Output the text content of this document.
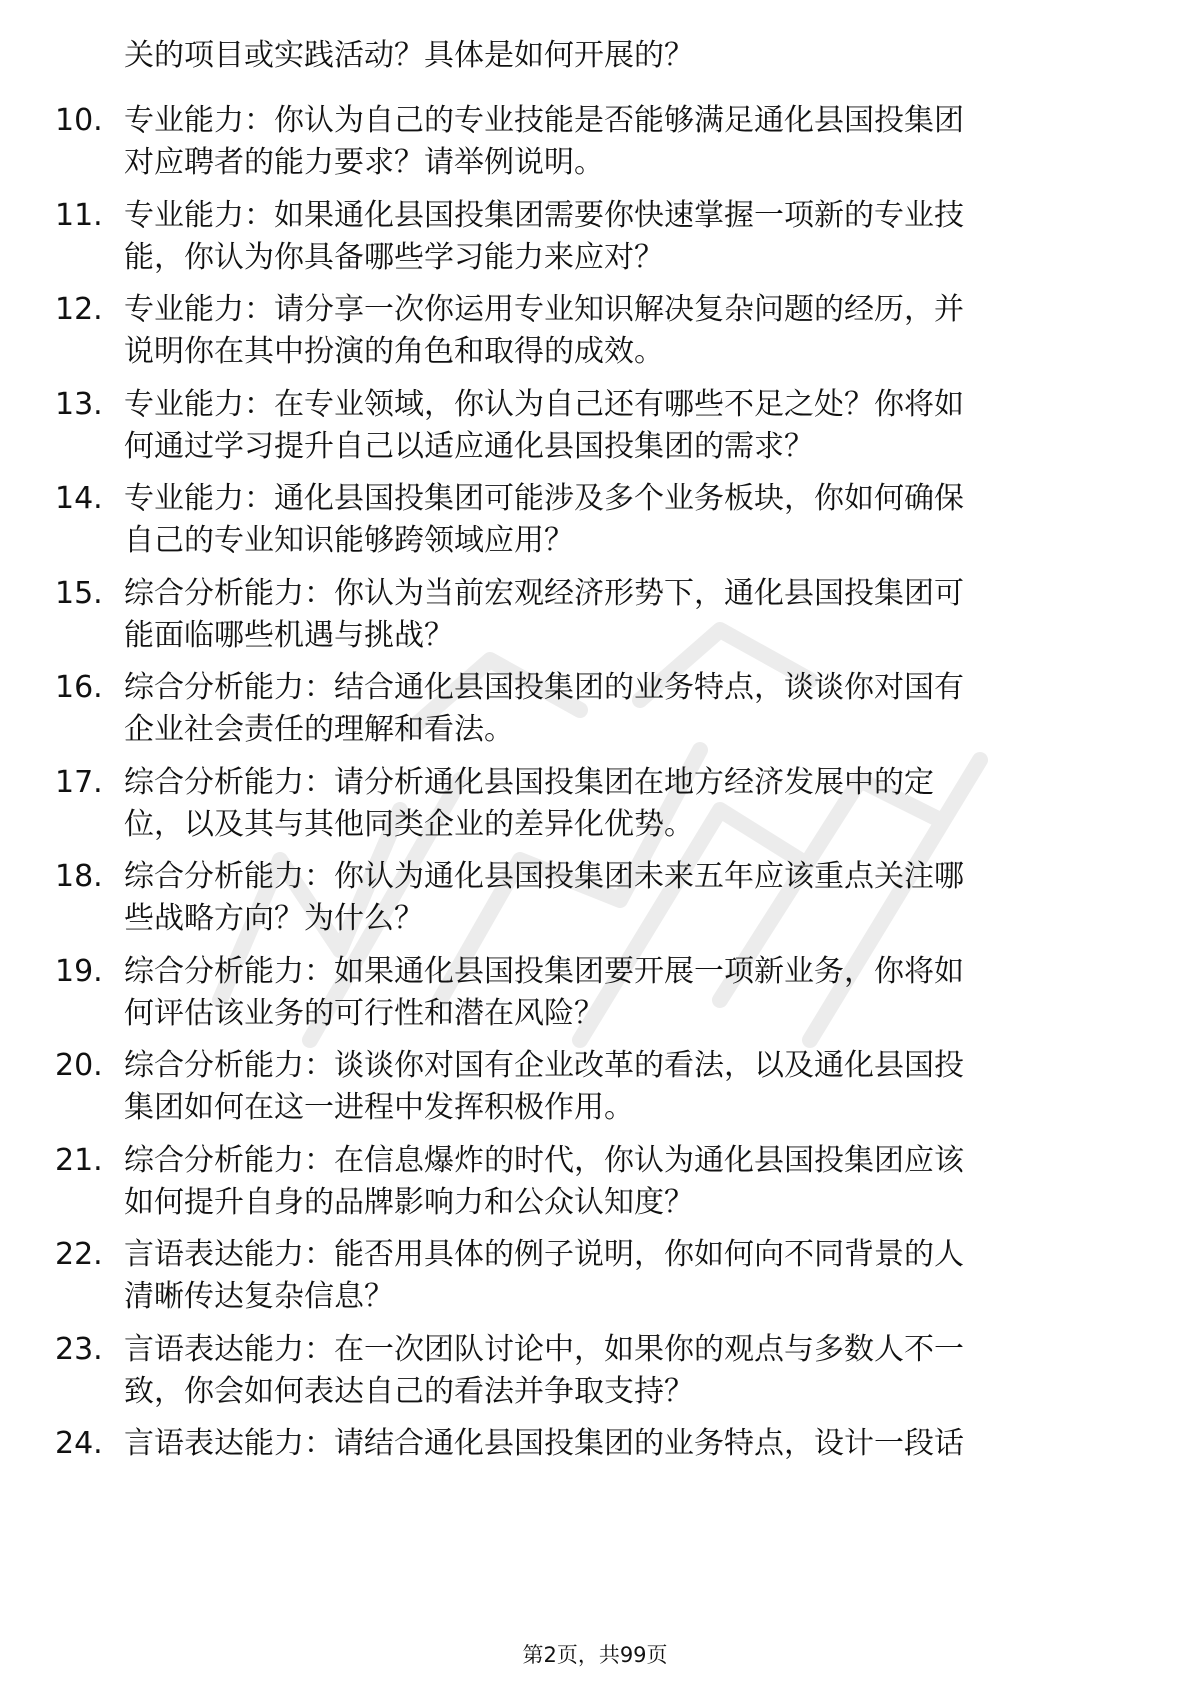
关的项目或实践活动？具体是如何开展的？
10. 专业能力：你认为自己的专业技能是否能够满足通化县国投集团
对应聘者的能力要求？请举例说明。
11. 专业能力：如果通化县国投集团需要你快速掌握一项新的专业技
能，你认为你具备哪些学习能力来应对？
12. 专业能力：请分享一次你运用专业知识解决复杂问题的经历，并
说明你在其中扮演的角色和取得的成效。
13. 专业能力：在专业领域，你认为自己还有哪些不足之处？你将如
何通过学习提升自己以适应通化县国投集团的需求？
14. 专业能力：通化县国投集团可能涉及多个业务板块，你如何确保
自己的专业知识能够跨领域应用？
15. 综合分析能力：你认为当前宏观经济形势下，通化县国投集团可
能面临哪些机遇与挑战？
16. 综合分析能力：结合通化县国投集团的业务特点，谈谈你对国有
企业社会责任的理解和看法。
17. 综合分析能力：请分析通化县国投集团在地方经济发展中的定
位，以及其与其他同类企业的差异化优势。
18. 综合分析能力：你认为通化县国投集团未来五年应该重点关注哪
些战略方向？为什么？
19. 综合分析能力：如果通化县国投集团要开展一项新业务，你将如
何评估该业务的可行性和潜在风险？
20. 综合分析能力：谈谈你对国有企业改革的看法，以及通化县国投
集团如何在这一进程中发挥积极作用。
21. 综合分析能力：在信息爆炸的时代，你认为通化县国投集团应该
如何提升自身的品牌影响力和公众认知度？
22. 言语表达能力：能否用具体的例子说明，你如何向不同背景的人
清晰传达复杂信息？
23. 言语表达能力：在一次团队讨论中，如果你的观点与多数人不一
致，你会如何表达自己的看法并争取支持？
24. 言语表达能力：请结合通化县国投集团的业务特点，设计一段话
第2页，共99页
